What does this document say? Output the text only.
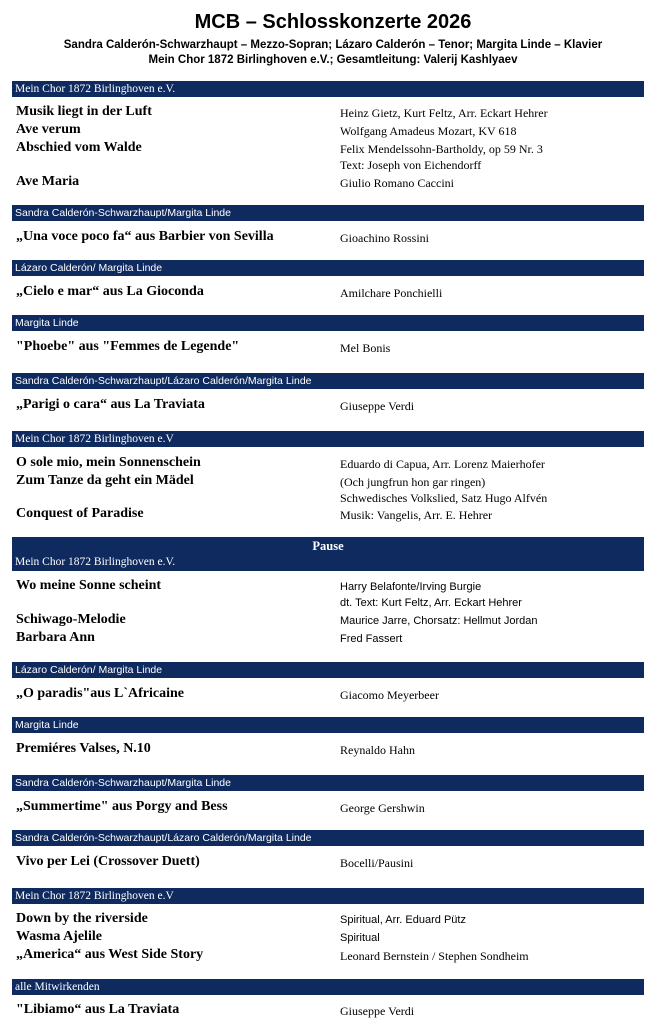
MCB – Schlosskonzerte 2026
Sandra Calderón-Schwarzhaupt – Mezzo-Sopran; Lázaro Calderón – Tenor; Margita Linde – Klavier
Mein Chor 1872 Birlinghoven e.V.; Gesamtleitung: Valerij Kashlyaev
Mein Chor 1872 Birlinghoven e.V.
Musik liegt in der Luft	Heinz Gietz, Kurt Feltz, Arr. Eckart Hehrer
Ave verum	Wolfgang Amadeus Mozart, KV 618
Abschied vom Walde	Felix Mendelssohn-Bartholdy, op 59 Nr. 3
Text: Joseph von Eichendorff
Ave Maria	Giulio Romano Caccini
Sandra Calderón-Schwarzhaupt/Margita Linde
„Una voce poco fa“ aus Barbier von Sevilla	Gioachino Rossini
Lázaro Calderón/ Margita Linde
„Cielo e mar“ aus La Gioconda	Amilchare Ponchielli
Margita Linde
"Phoebe" aus "Femmes de Legende"	Mel Bonis
Sandra Calderón-Schwarzhaupt/Lázaro Calderón/Margita Linde
„Parigi o cara“ aus La Traviata	Giuseppe Verdi
Mein Chor 1872 Birlinghoven e.V
O sole mio, mein Sonnenschein	Eduardo di Capua, Arr. Lorenz Maierhofer
Zum Tanze da geht ein Mädel	(Och jungfrun hon gar ringen)
Schwedisches Volkslied, Satz Hugo Alfvén
Conquest of Paradise	Musik: Vangelis, Arr. E. Hehrer
Pause
Mein Chor 1872 Birlinghoven e.V.
Wo meine Sonne scheint	Harry Belafonte/Irving Burgie
dt. Text: Kurt Feltz, Arr. Eckart Hehrer
Schiwago-Melodie	Maurice Jarre, Chorsatz: Hellmut Jordan
Barbara Ann	Fred Fassert
Lázaro Calderón/ Margita Linde
„O paradis"aus L`Africaine	Giacomo Meyerbeer
Margita Linde
Premiéres Valses, N.10	Reynaldo Hahn
Sandra Calderón-Schwarzhaupt/Margita Linde
„Summertime" aus Porgy and Bess	George Gershwin
Sandra Calderón-Schwarzhaupt/Lázaro Calderón/Margita Linde
Vivo per Lei (Crossover Duett)	Bocelli/Pausini
Mein Chor 1872 Birlinghoven e.V
Down by the riverside	Spiritual, Arr. Eduard Pütz
Wasma Ajelile	Spiritual
„America“ aus West Side Story	Leonard Bernstein / Stephen Sondheim
alle Mitwirkenden
"Libiamo“ aus La Traviata	Giuseppe Verdi
